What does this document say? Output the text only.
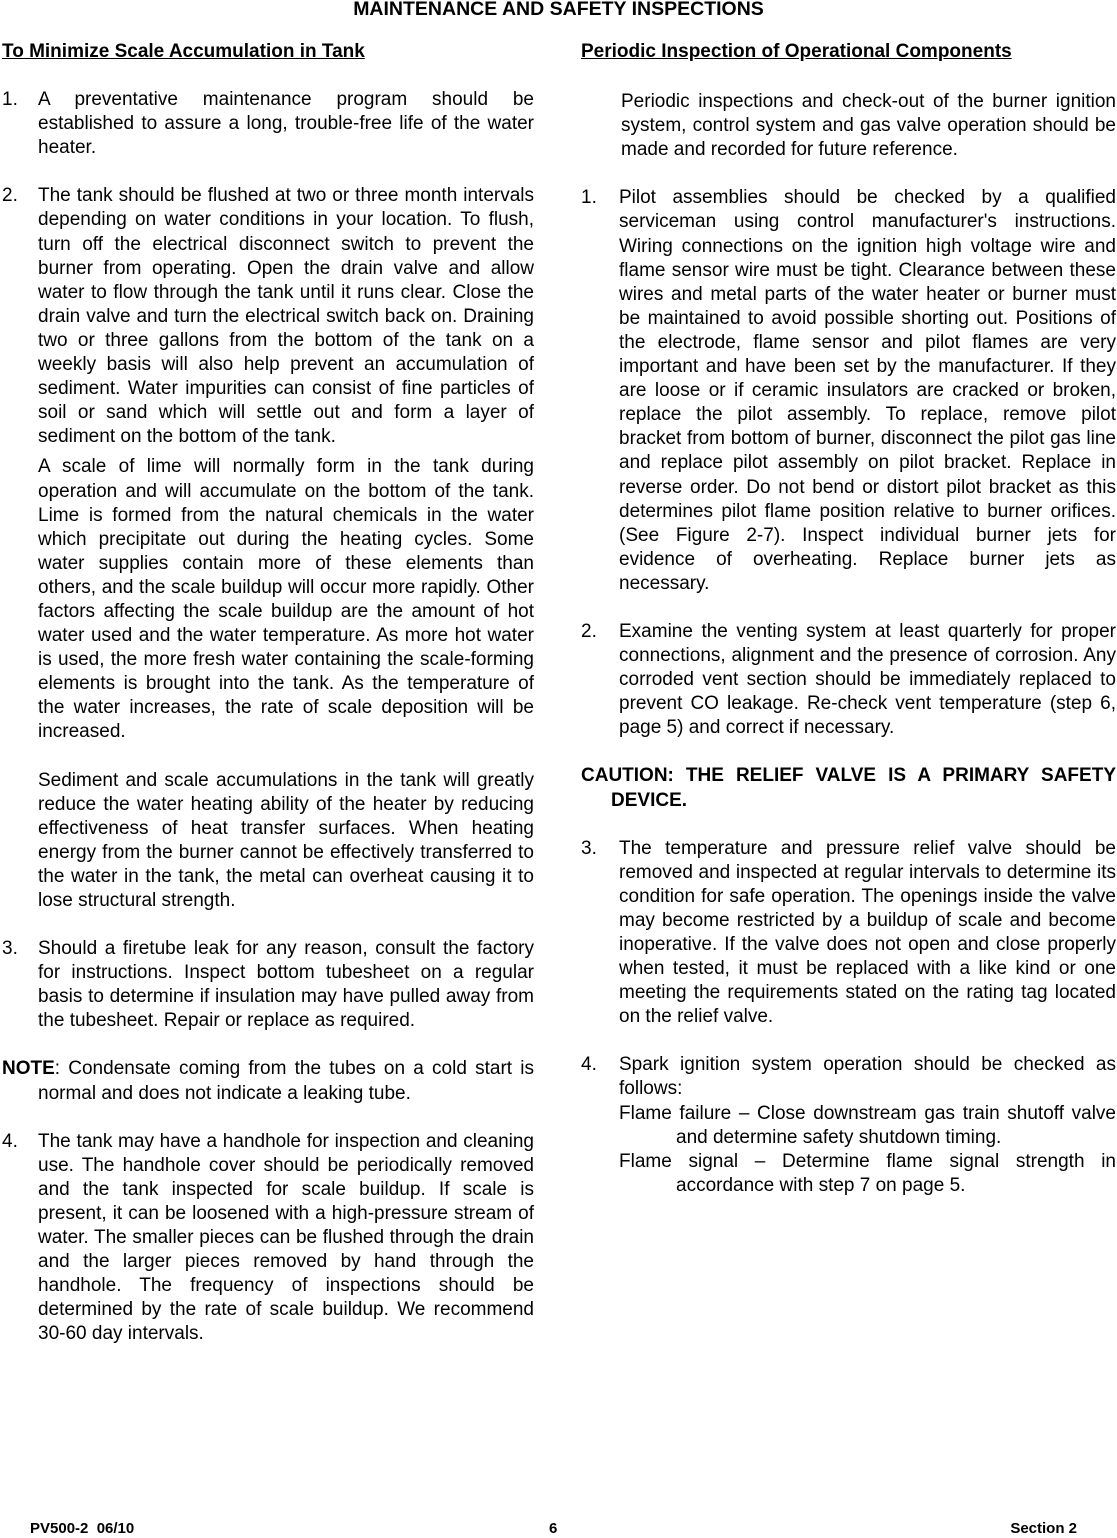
MAINTENANCE AND SAFETY INSPECTIONS
To Minimize Scale Accumulation in Tank
1. A preventative maintenance program should be established to assure a long, trouble-free life of the water heater.

2. The tank should be flushed at two or three month intervals depending on water conditions in your location. To flush, turn off the electrical disconnect switch to prevent the burner from operating. Open the drain valve and allow water to flow through the tank until it runs clear. Close the drain valve and turn the electrical switch back on. Draining two or three gallons from the bottom of the tank on a weekly basis will also help prevent an accumulation of sediment. Water impurities can consist of fine particles of soil or sand which will settle out and form a layer of sediment on the bottom of the tank.

A scale of lime will normally form in the tank during operation and will accumulate on the bottom of the tank. Lime is formed from the natural chemicals in the water which precipitate out during the heating cycles. Some water supplies contain more of these elements than others, and the scale buildup will occur more rapidly. Other factors affecting the scale buildup are the amount of hot water used and the water temperature. As more hot water is used, the more fresh water containing the scale-forming elements is brought into the tank. As the temperature of the water increases, the rate of scale deposition will be increased.

Sediment and scale accumulations in the tank will greatly reduce the water heating ability of the heater by reducing effectiveness of heat transfer surfaces. When heating energy from the burner cannot be effectively transferred to the water in the tank, the metal can overheat causing it to lose structural strength.

3. Should a firetube leak for any reason, consult the factory for instructions. Inspect bottom tubesheet on a regular basis to determine if insulation may have pulled away from the tubesheet. Repair or replace as required.

NOTE: Condensate coming from the tubes on a cold start is normal and does not indicate a leaking tube.

4. The tank may have a handhole for inspection and cleaning use. The handhole cover should be periodically removed and the tank inspected for scale buildup. If scale is present, it can be loosened with a high-pressure stream of water. The smaller pieces can be flushed through the drain and the larger pieces removed by hand through the handhole. The frequency of inspections should be determined by the rate of scale buildup. We recommend 30-60 day intervals.

Periodic Inspection of Operational Components

Periodic inspections and check-out of the burner ignition system, control system and gas valve operation should be made and recorded for future reference.

1. Pilot assemblies should be checked by a qualified serviceman using control manufacturer's instructions. Wiring connections on the ignition high voltage wire and flame sensor wire must be tight. Clearance between these wires and metal parts of the water heater or burner must be maintained to avoid possible shorting out. Positions of the electrode, flame sensor and pilot flames are very important and have been set by the manufacturer. If they are loose or if ceramic insulators are cracked or broken, replace the pilot assembly. To replace, remove pilot bracket from bottom of burner, disconnect the pilot gas line and replace pilot assembly on pilot bracket. Replace in reverse order. Do not bend or distort pilot bracket as this determines pilot flame position relative to burner orifices. (See Figure 2-7). Inspect individual burner jets for evidence of overheating. Replace burner jets as necessary.

2. Examine the venting system at least quarterly for proper connections, alignment and the presence of corrosion. Any corroded vent section should be immediately replaced to prevent CO leakage. Re-check vent temperature (step 6, page 5) and correct if necessary.

CAUTION: THE RELIEF VALVE IS A PRIMARY SAFETY DEVICE.

3. The temperature and pressure relief valve should be removed and inspected at regular intervals to determine its condition for safe operation. The openings inside the valve may become restricted by a buildup of scale and become inoperative. If the valve does not open and close properly when tested, it must be replaced with a like kind or one meeting the requirements stated on the rating tag located on the relief valve.

4. Spark ignition system operation should be checked as follows:

Flame failure – Close downstream gas train shutoff valve and determine safety shutdown timing.

Flame signal – Determine flame signal strength in accordance with step 7 on page 5.

PV500-2  06/10	6	Section 2
